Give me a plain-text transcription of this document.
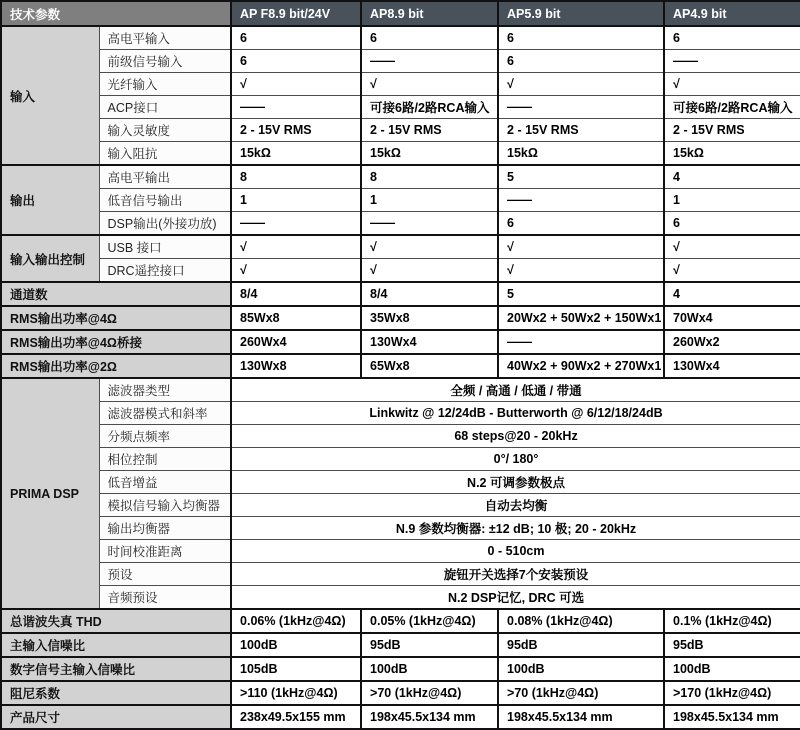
技术参数		AP F8.9 bit/24V	AP8.9 bit	AP5.9 bit	AP4.9 bit
输入	高电平输入	6	6	6	6
	前级信号输入	6	——	6	——
	光纤输入	√	√	√	√
	ACP接口	——	可接6路/2路RCA输入	——	可接6路/2路RCA输入
	输入灵敏度	2 - 15V RMS	2 - 15V RMS	2 - 15V RMS	2 - 15V RMS
	输入阻抗	15kΩ	15kΩ	15kΩ	15kΩ
输出	高电平输出	8	8	5	4
	低音信号输出	1	1	——	1
	DSP输出(外接功放)	——	——	6	6
输入输出控制	USB 接口	√	√	√	√
	DRC遥控接口	√	√	√	√
通道数		8/4	8/4	5	4
RMS输出功率@4Ω		85Wx8	35Wx8	20Wx2 + 50Wx2 + 150Wx1	70Wx4
RMS输出功率@4Ω桥接		260Wx4	130Wx4	——	260Wx2
RMS输出功率@2Ω		130Wx8	65Wx8	40Wx2 + 90Wx2 + 270Wx1	130Wx4
PRIMA DSP	滤波器类型	全频 / 高通 / 低通 / 带通			
	滤波器模式和斜率	Linkwitz @ 12/24dB - Butterworth @ 6/12/18/24dB			
	分频点频率	68 steps@20 - 20kHz			
	相位控制	0°/ 180°			
	低音增益	N.2 可调参数极点			
	模拟信号输入均衡器	自动去均衡			
	输出均衡器	N.9 参数均衡器: ±12 dB; 10 极; 20 - 20kHz			
	时间校准距离	0 - 510cm			
	预设	旋钮开关选择7个安装预设			
	音频预设	N.2 DSP记忆, DRC 可选			
总谐波失真 THD		0.06% (1kHz@4Ω)	0.05% (1kHz@4Ω)	0.08% (1kHz@4Ω)	0.1% (1kHz@4Ω)
主输入信噪比		100dB	95dB	95dB	95dB
数字信号主输入信噪比		105dB	100dB	100dB	100dB
阻尼系数		>110 (1kHz@4Ω)	>70 (1kHz@4Ω)	>70 (1kHz@4Ω)	>170 (1kHz@4Ω)
产品尺寸		238x49.5x155 mm	198x45.5x134 mm	198x45.5x134 mm	198x45.5x134 mm
